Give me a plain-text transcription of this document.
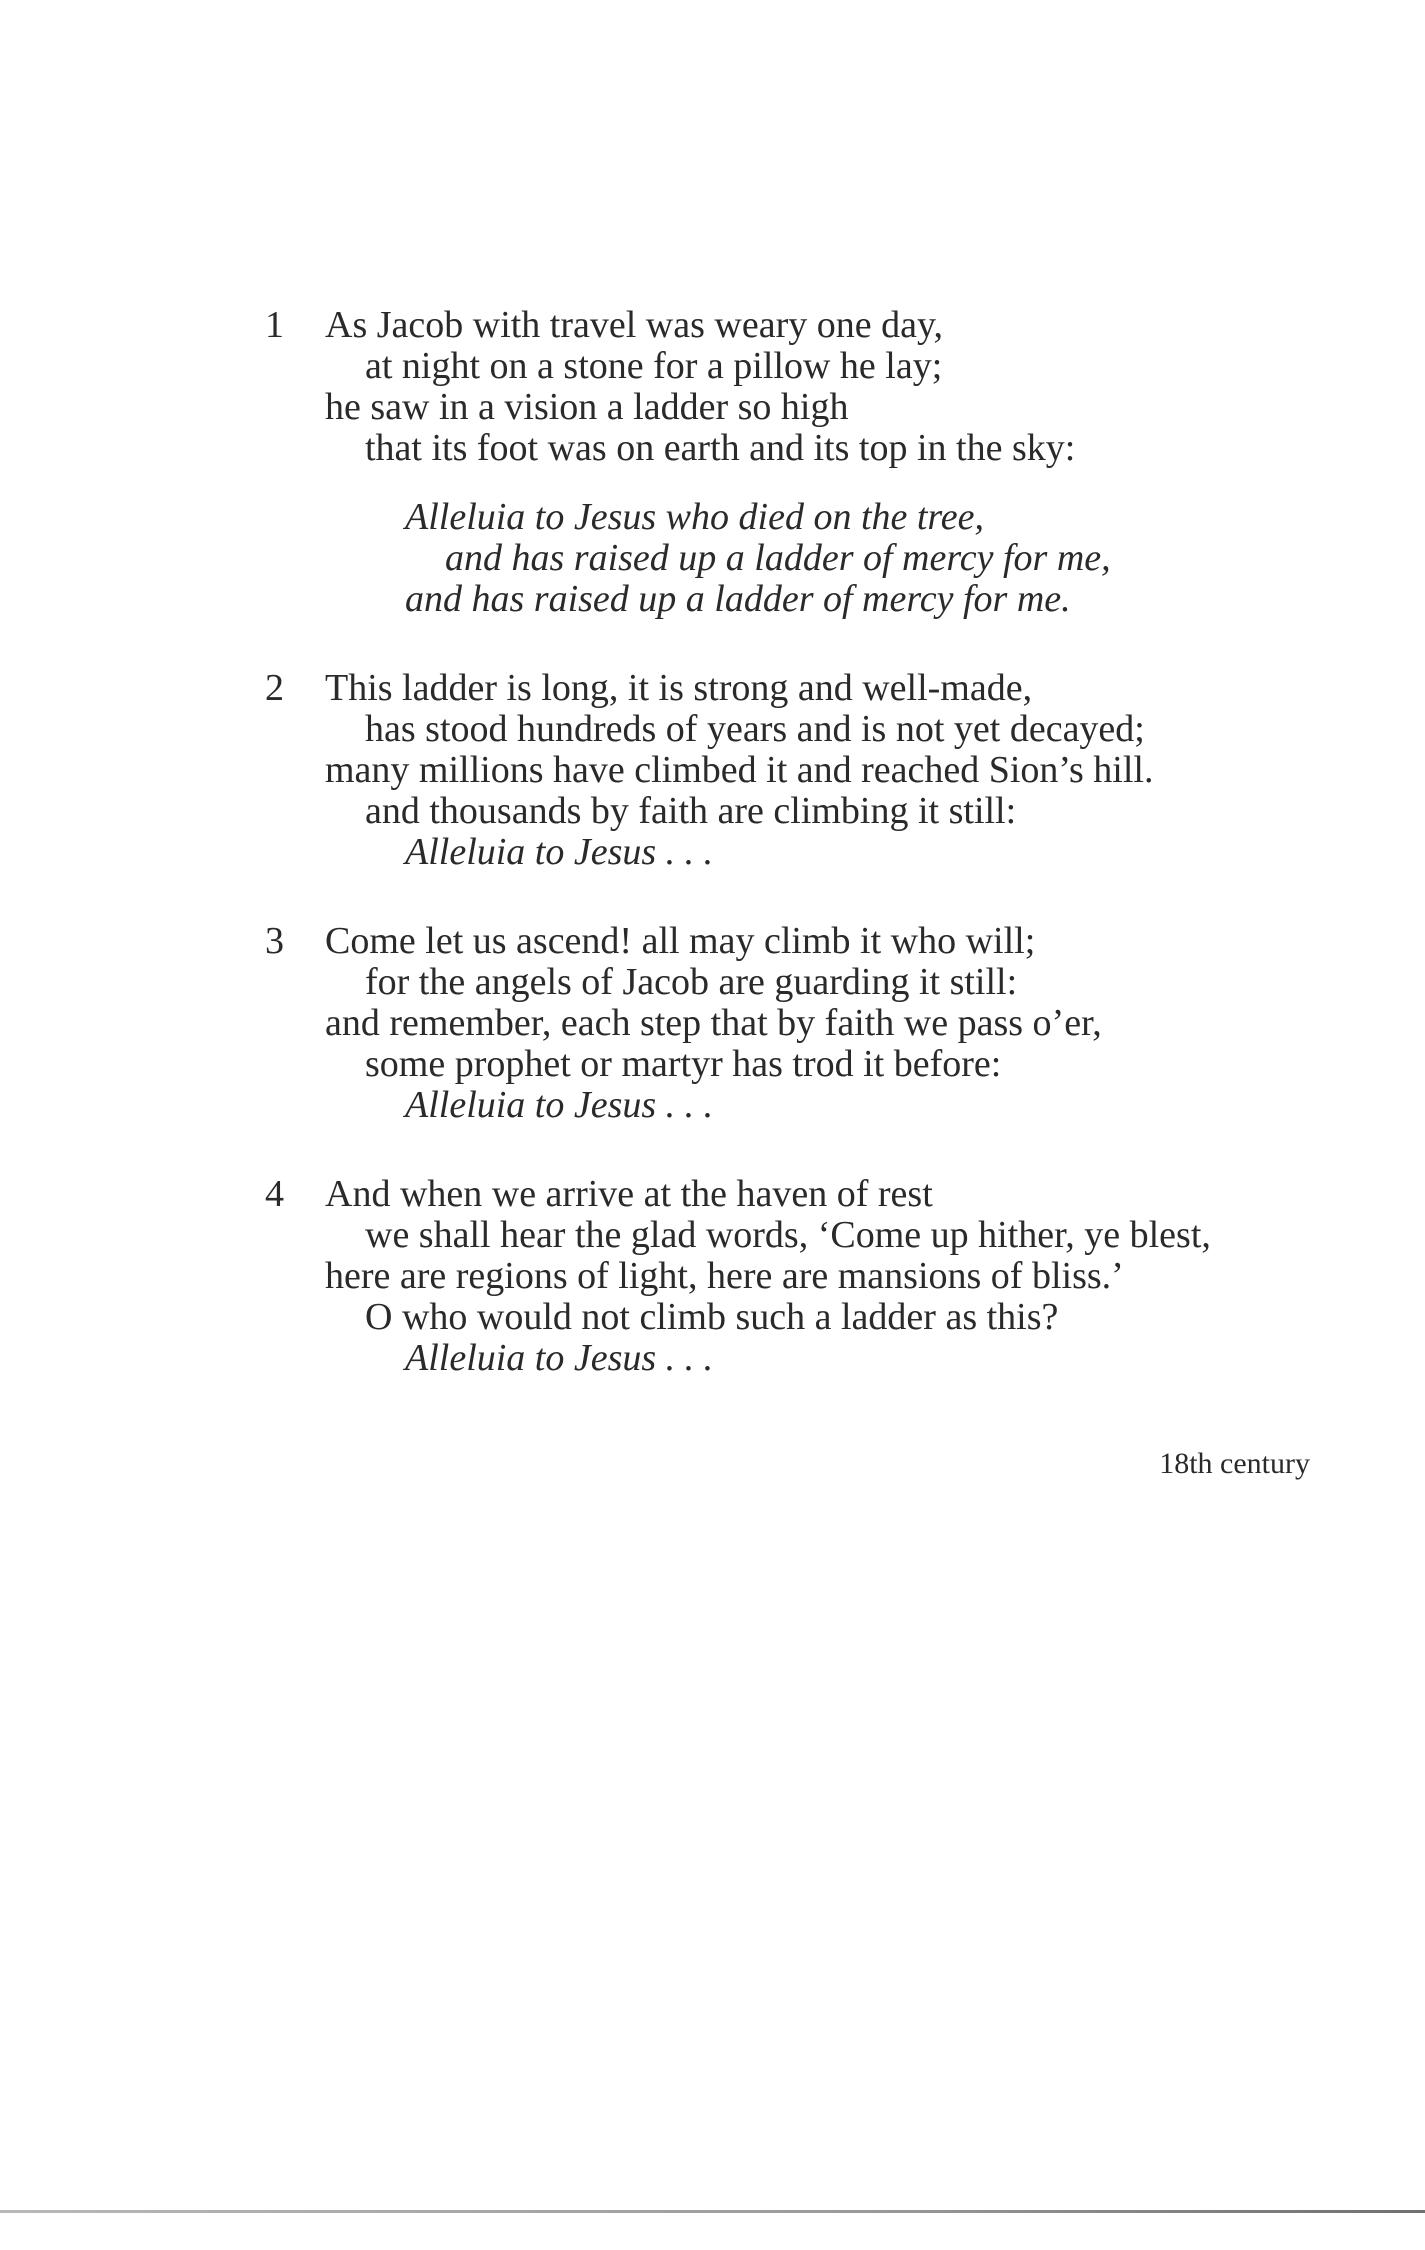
1 As Jacob with travel was weary one day,
at night on a stone for a pillow he lay;
he saw in a vision a ladder so high
that its foot was on earth and its top in the sky:
Alleluia to Jesus who died on the tree,
and has raised up a ladder of mercy for me,
and has raised up a ladder of mercy for me.
2 This ladder is long, it is strong and well-made,
has stood hundreds of years and is not yet decayed;
many millions have climbed it and reached Sion’s hill.
and thousands by faith are climbing it still:
Alleluia to Jesus . . .
3 Come let us ascend! all may climb it who will;
for the angels of Jacob are guarding it still:
and remember, each step that by faith we pass o’er,
some prophet or martyr has trod it before:
Alleluia to Jesus . . .
4 And when we arrive at the haven of rest
we shall hear the glad words, ‘Come up hither, ye blest,
here are regions of light, here are mansions of bliss.’
O who would not climb such a ladder as this?
Alleluia to Jesus . . .
18th century
